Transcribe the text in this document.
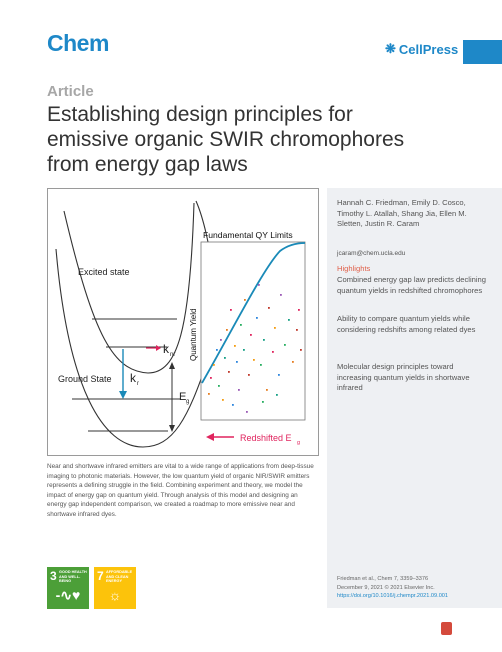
Chem	❋ CellPress
Article
Establishing design principles for emissive organic SWIR chromophores from energy gap laws
Excited state
Ground State
k nr
k r
E g
Fundamental QY Limits
Quantum Yield
Redshifted E g
Hannah C. Friedman, Emily D. Cosco, Timothy L. Atallah, Shang Jia, Ellen M. Sletten, Justin R. Caram
jcaram@chem.ucla.edu
Highlights
Combined energy gap law predicts declining quantum yields in redshifted chromophores
Ability to compare quantum yields while considering redshifts among related dyes
Molecular design principles toward increasing quantum yields in shortwave infrared
Friedman et al., Chem 7, 3359–3376
December 9, 2021 © 2021 Elsevier Inc.
https://doi.org/10.1016/j.chempr.2021.09.001
Near and shortwave infrared emitters are vital to a wide range of applications from deep-tissue imaging to photonic materials. However, the low quantum yield of organic NIR/SWIR emitters represents a defining struggle in the field. Combining experiment and theory, we model the impact of energy gap on quantum yield. Through analysis of this model and designing an energy gap independent comparison, we created a roadmap to more emissive near and shortwave infrared dyes.
3 GOOD HEALTH AND WELL-BEING
-∿♥
7 AFFORDABLE AND CLEAN ENERGY
☼
